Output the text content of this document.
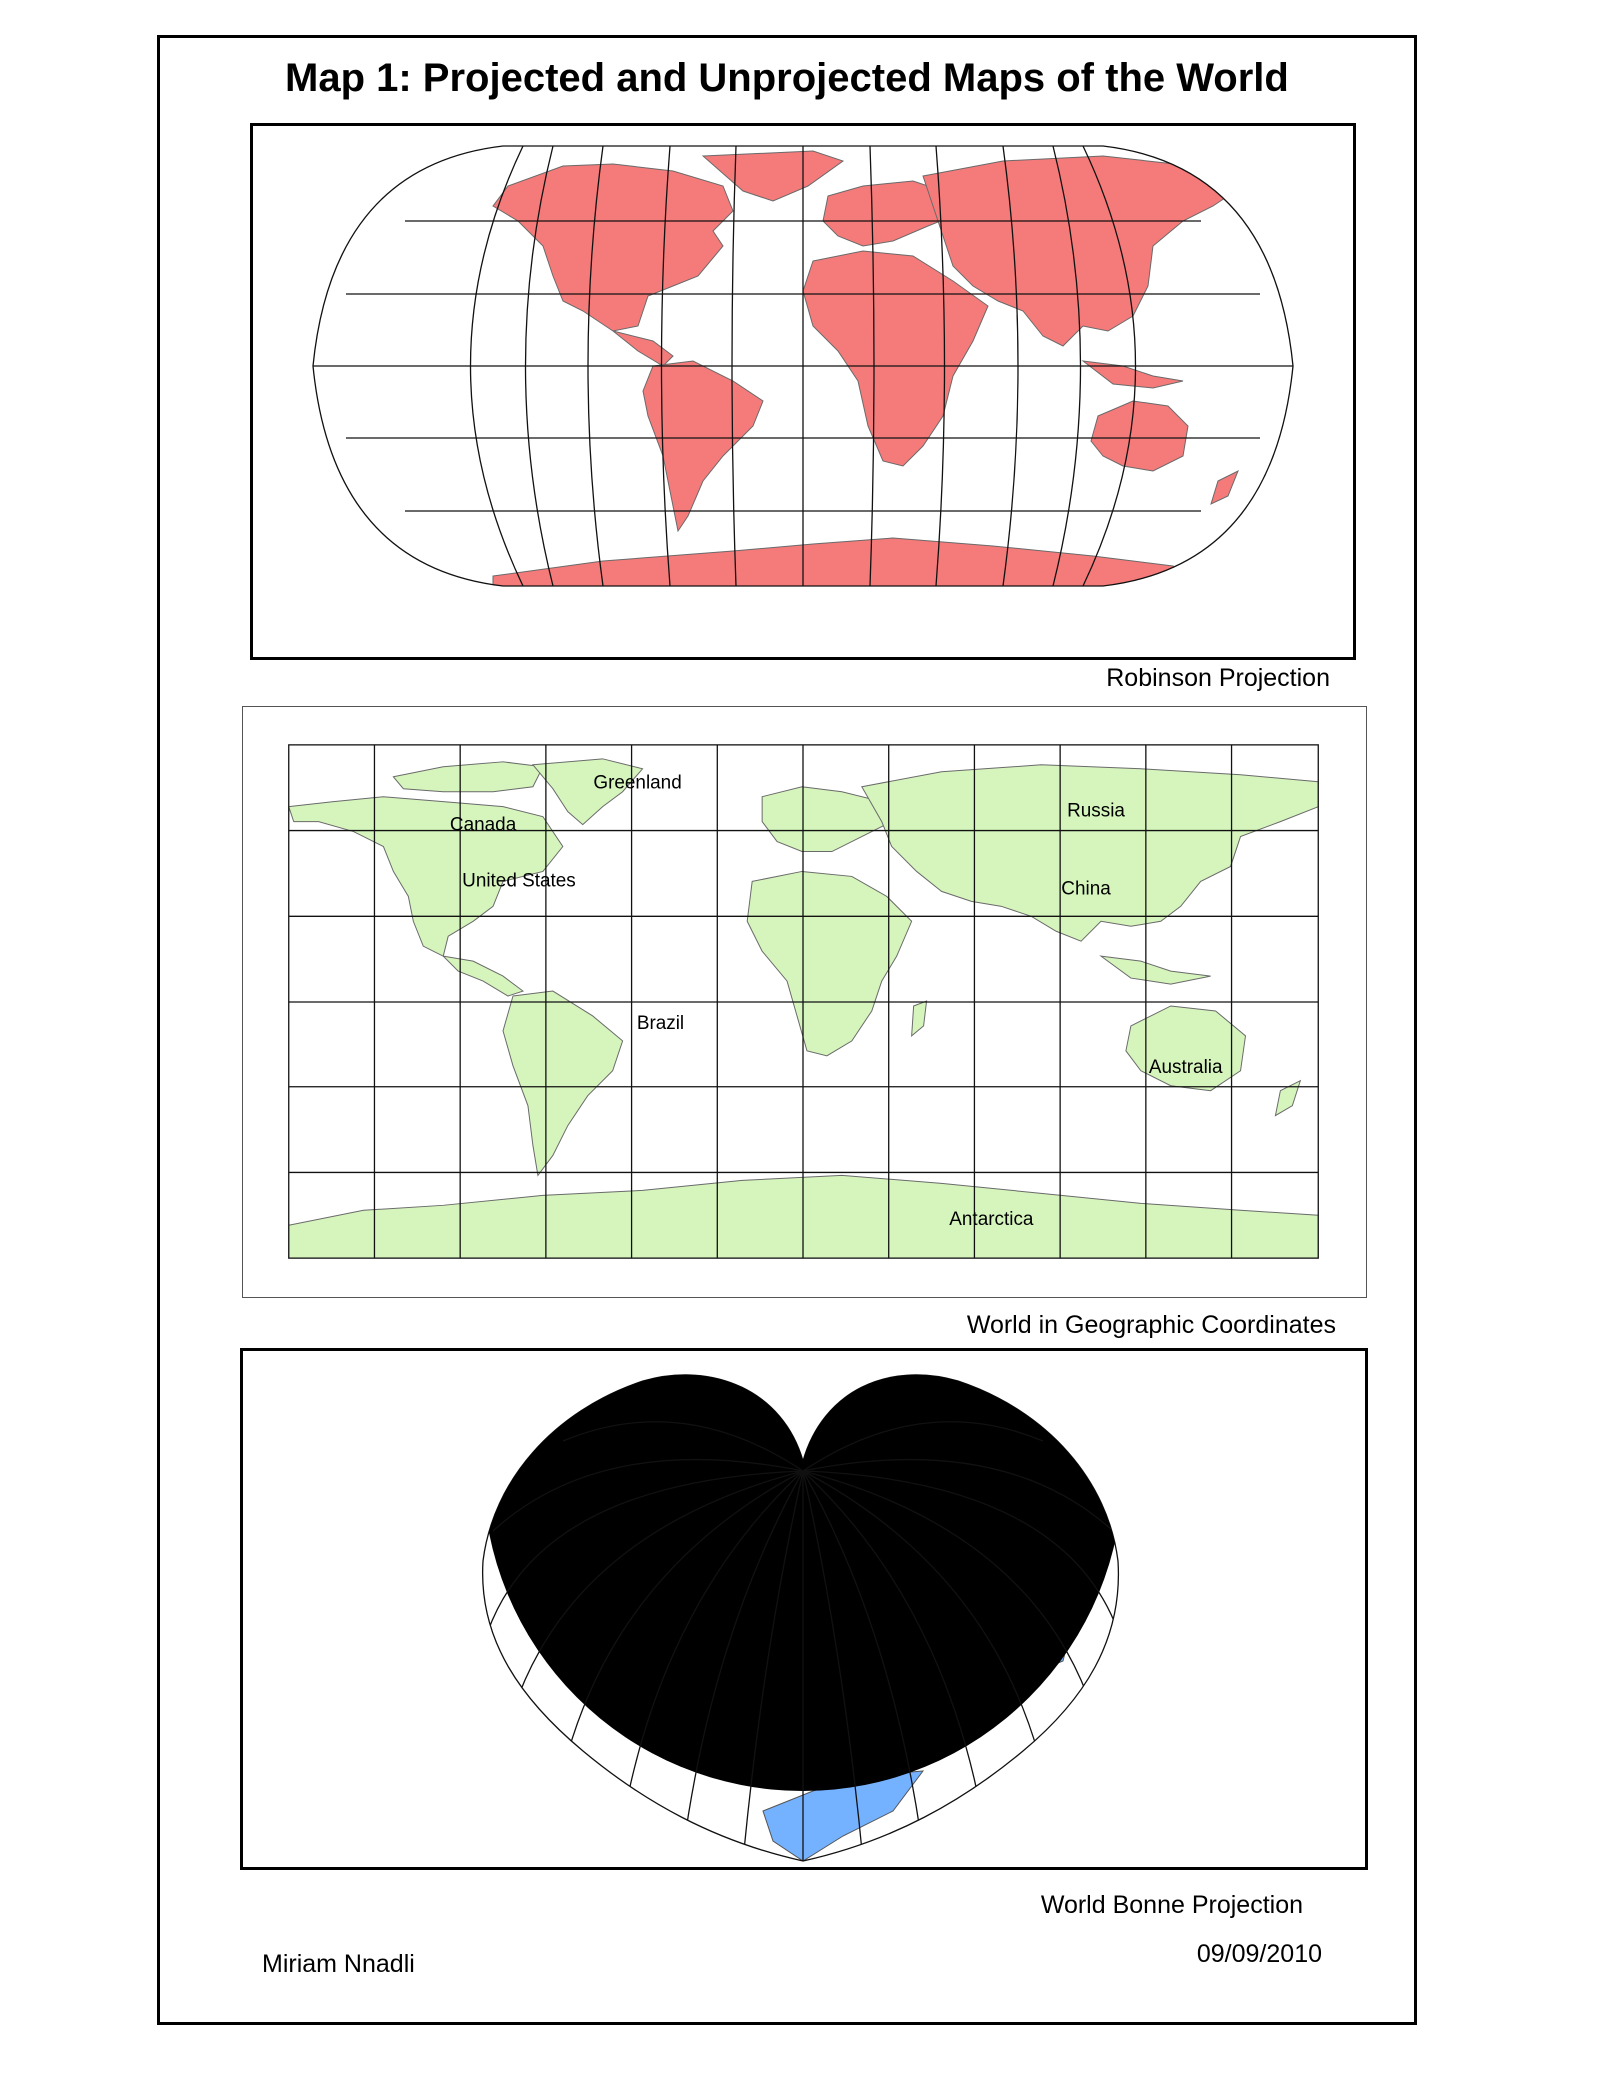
Map 1: Projected and Unprojected Maps of the World
Robinson Projection
Greenland
Canada
United States
Russia
China
Brazil
Australia
Antarctica
World in Geographic Coordinates
World Bonne Projection
Miriam Nnadli	09/09/2010
